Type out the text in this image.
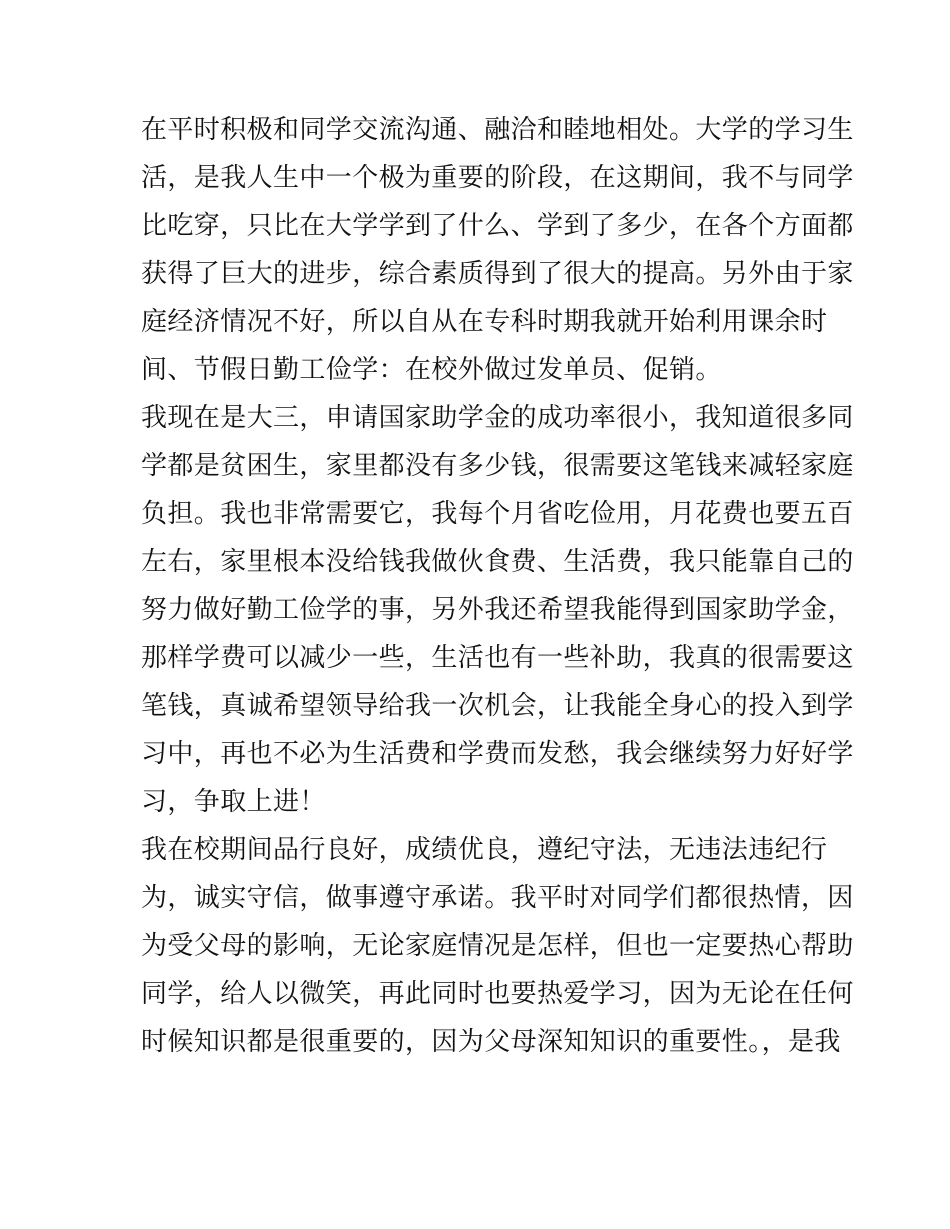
在平时积极和同学交流沟通、融洽和睦地相处。大学的学习生
活，是我人生中一个极为重要的阶段，在这期间，我不与同学
比吃穿，只比在大学学到了什么、学到了多少，在各个方面都
获得了巨大的进步，综合素质得到了很大的提高。另外由于家
庭经济情况不好，所以自从在专科时期我就开始利用课余时
间、节假日勤工俭学：在校外做过发单员、促销。
我现在是大三，申请国家助学金的成功率很小，我知道很多同
学都是贫困生，家里都没有多少钱，很需要这笔钱来减轻家庭
负担。我也非常需要它，我每个月省吃俭用，月花费也要五百
左右，家里根本没给钱我做伙食费、生活费，我只能靠自己的
努力做好勤工俭学的事，另外我还希望我能得到国家助学金，
那样学费可以减少一些，生活也有一些补助，我真的很需要这
笔钱，真诚希望领导给我一次机会，让我能全身心的投入到学
习中，再也不必为生活费和学费而发愁，我会继续努力好好学
习，争取上进！
我在校期间品行良好，成绩优良，遵纪守法，无违法违纪行
为，诚实守信，做事遵守承诺。我平时对同学们都很热情，因
为受父母的影响，无论家庭情况是怎样，但也一定要热心帮助
同学，给人以微笑，再此同时也要热爱学习，因为无论在任何
时候知识都是很重要的，因为父母深知知识的重要性。，是我
